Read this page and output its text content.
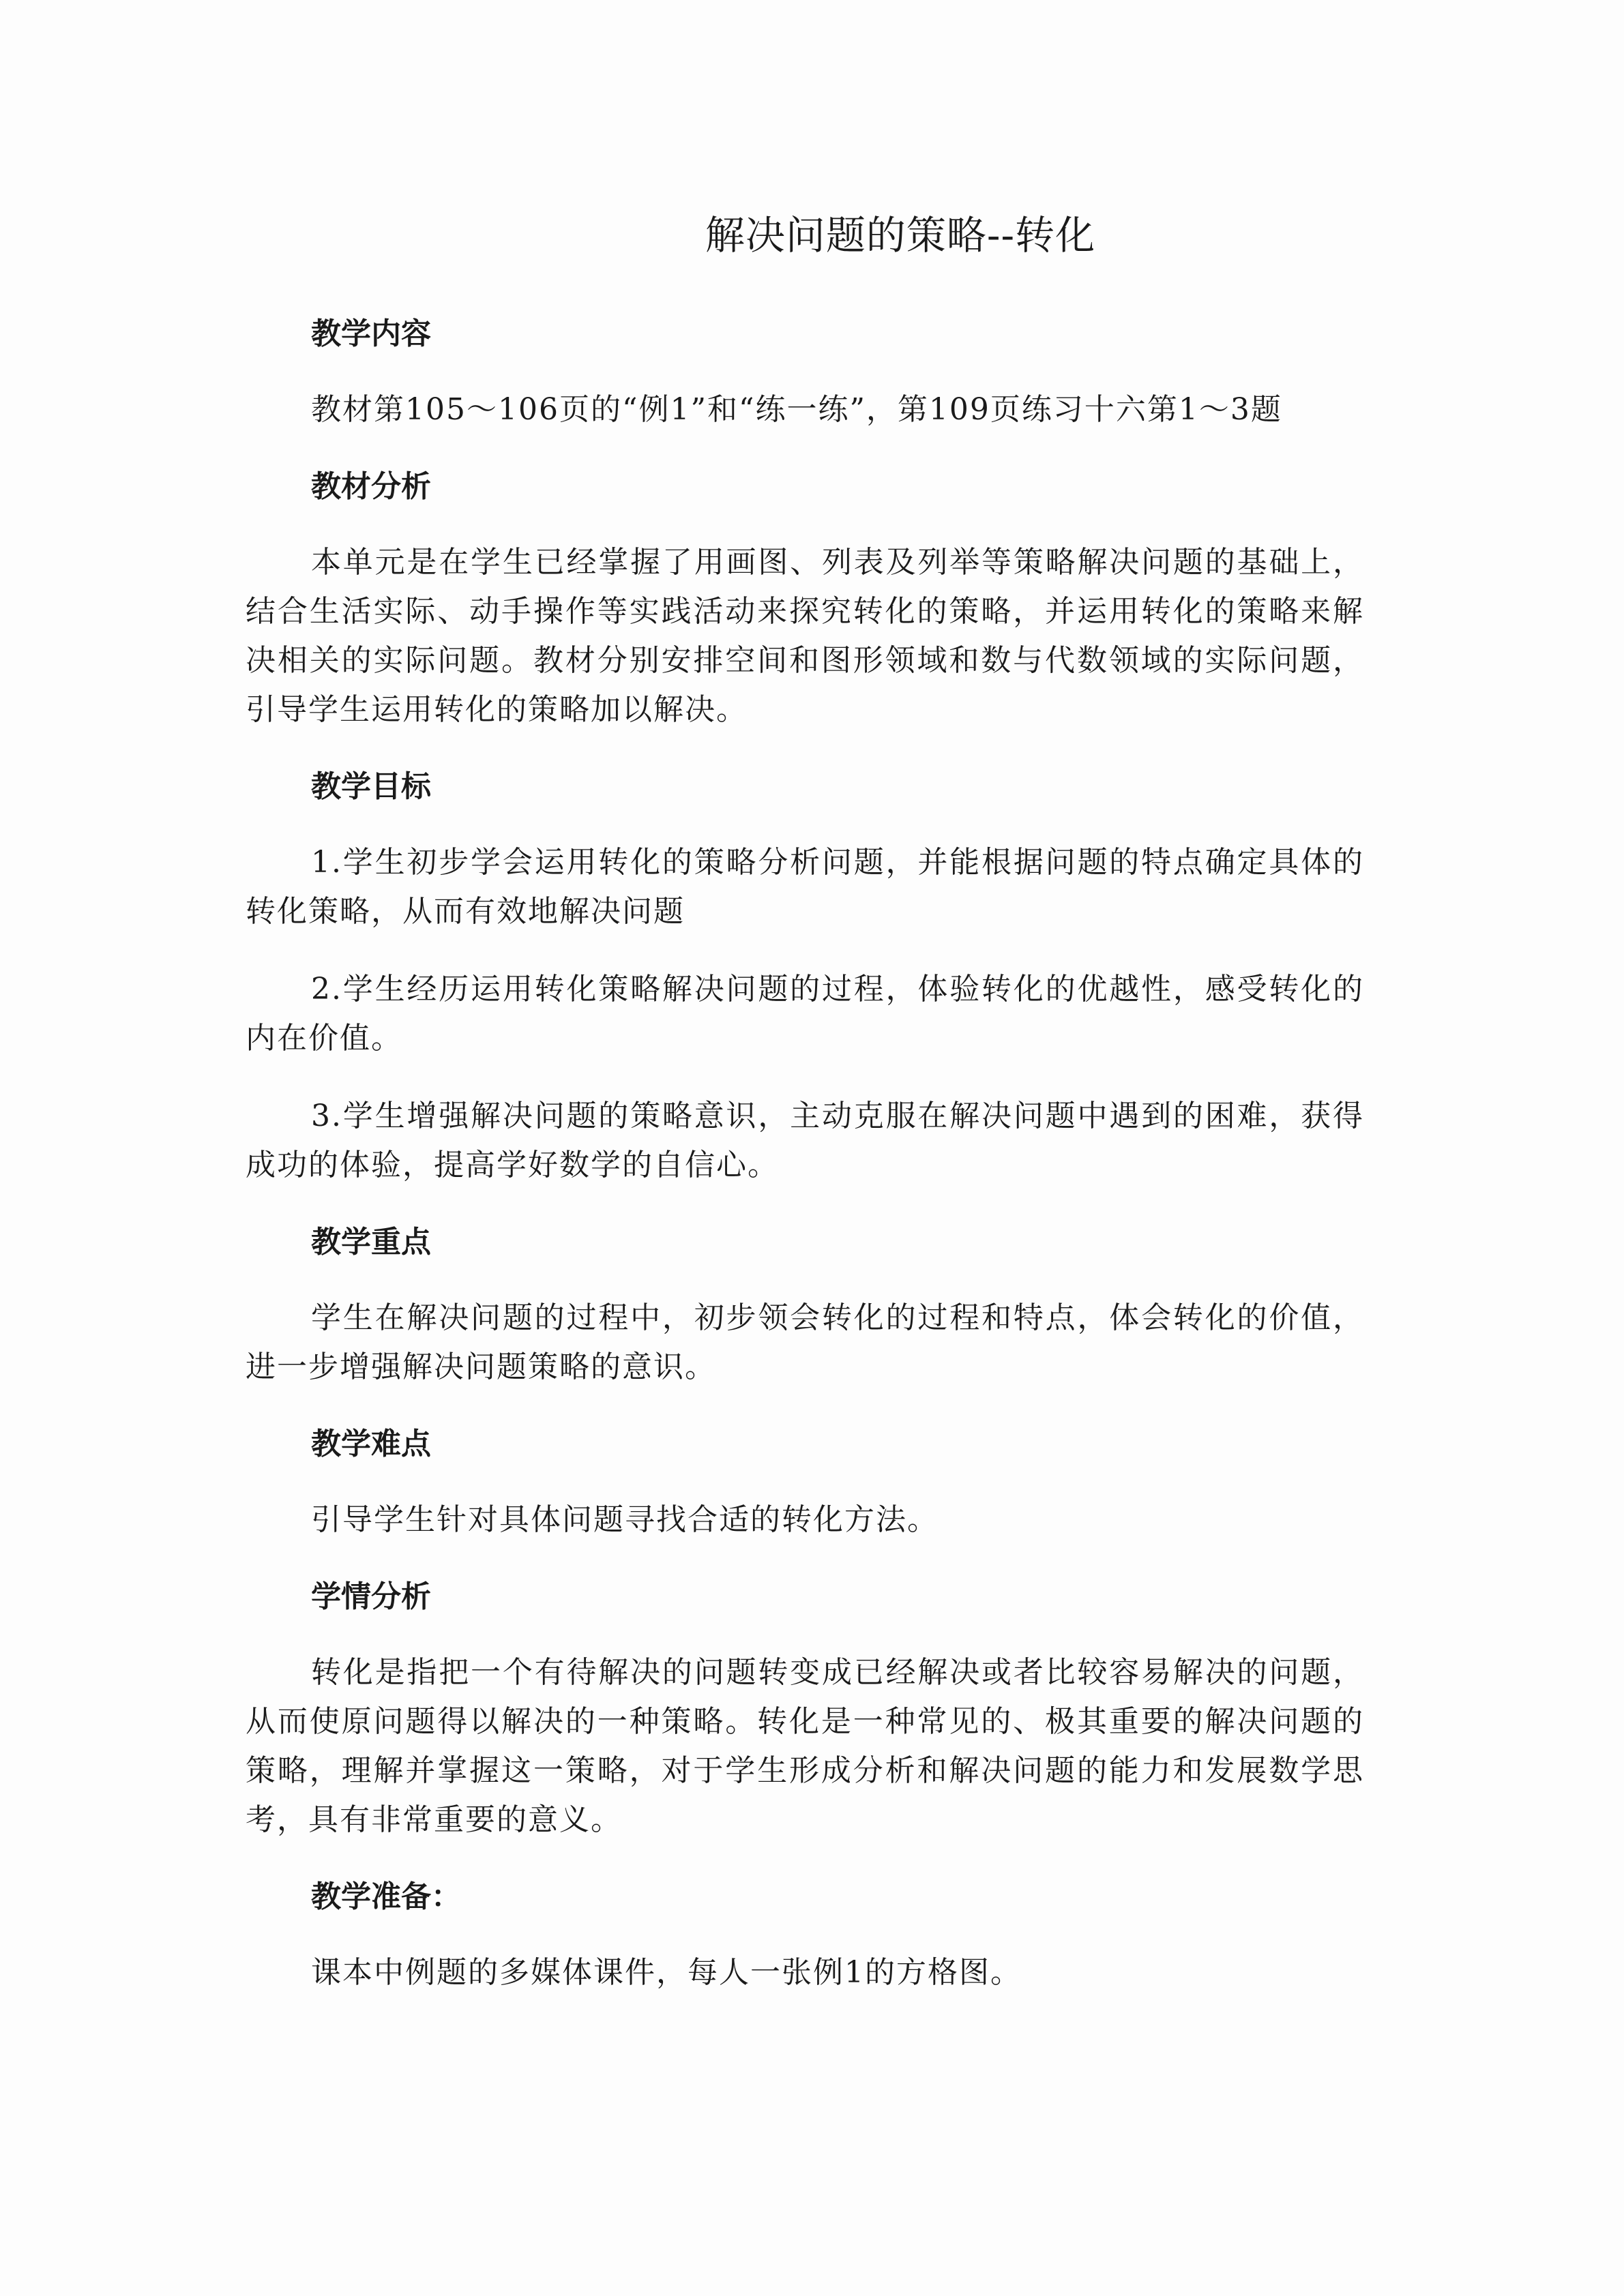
解决问题的策略--转化
教学内容

教材第105～106页的“例1”和“练一练”，第109页练习十六第1～3题

教材分析

本单元是在学生已经掌握了用画图、列表及列举等策略解决问题的基础上，结合生活实际、动手操作等实践活动来探究转化的策略，并运用转化的策略来解决相关的实际问题。教材分别安排空间和图形领域和数与代数领域的实际问题，引导学生运用转化的策略加以解决。

教学目标

1.学生初步学会运用转化的策略分析问题，并能根据问题的特点确定具体的转化策略，从而有效地解决问题

2.学生经历运用转化策略解决问题的过程，体验转化的优越性，感受转化的内在价值。

3.学生增强解决问题的策略意识，主动克服在解决问题中遇到的困难，获得成功的体验，提高学好数学的自信心。

教学重点

学生在解决问题的过程中，初步领会转化的过程和特点，体会转化的价值，进一步增强解决问题策略的意识。

教学难点

引导学生针对具体问题寻找合适的转化方法。

学情分析

转化是指把一个有待解决的问题转变成已经解决或者比较容易解决的问题，从而使原问题得以解决的一种策略。转化是一种常见的、极其重要的解决问题的策略，理解并掌握这一策略，对于学生形成分析和解决问题的能力和发展数学思考，具有非常重要的意义。

教学准备：

课本中例题的多媒体课件，每人一张例1的方格图。
